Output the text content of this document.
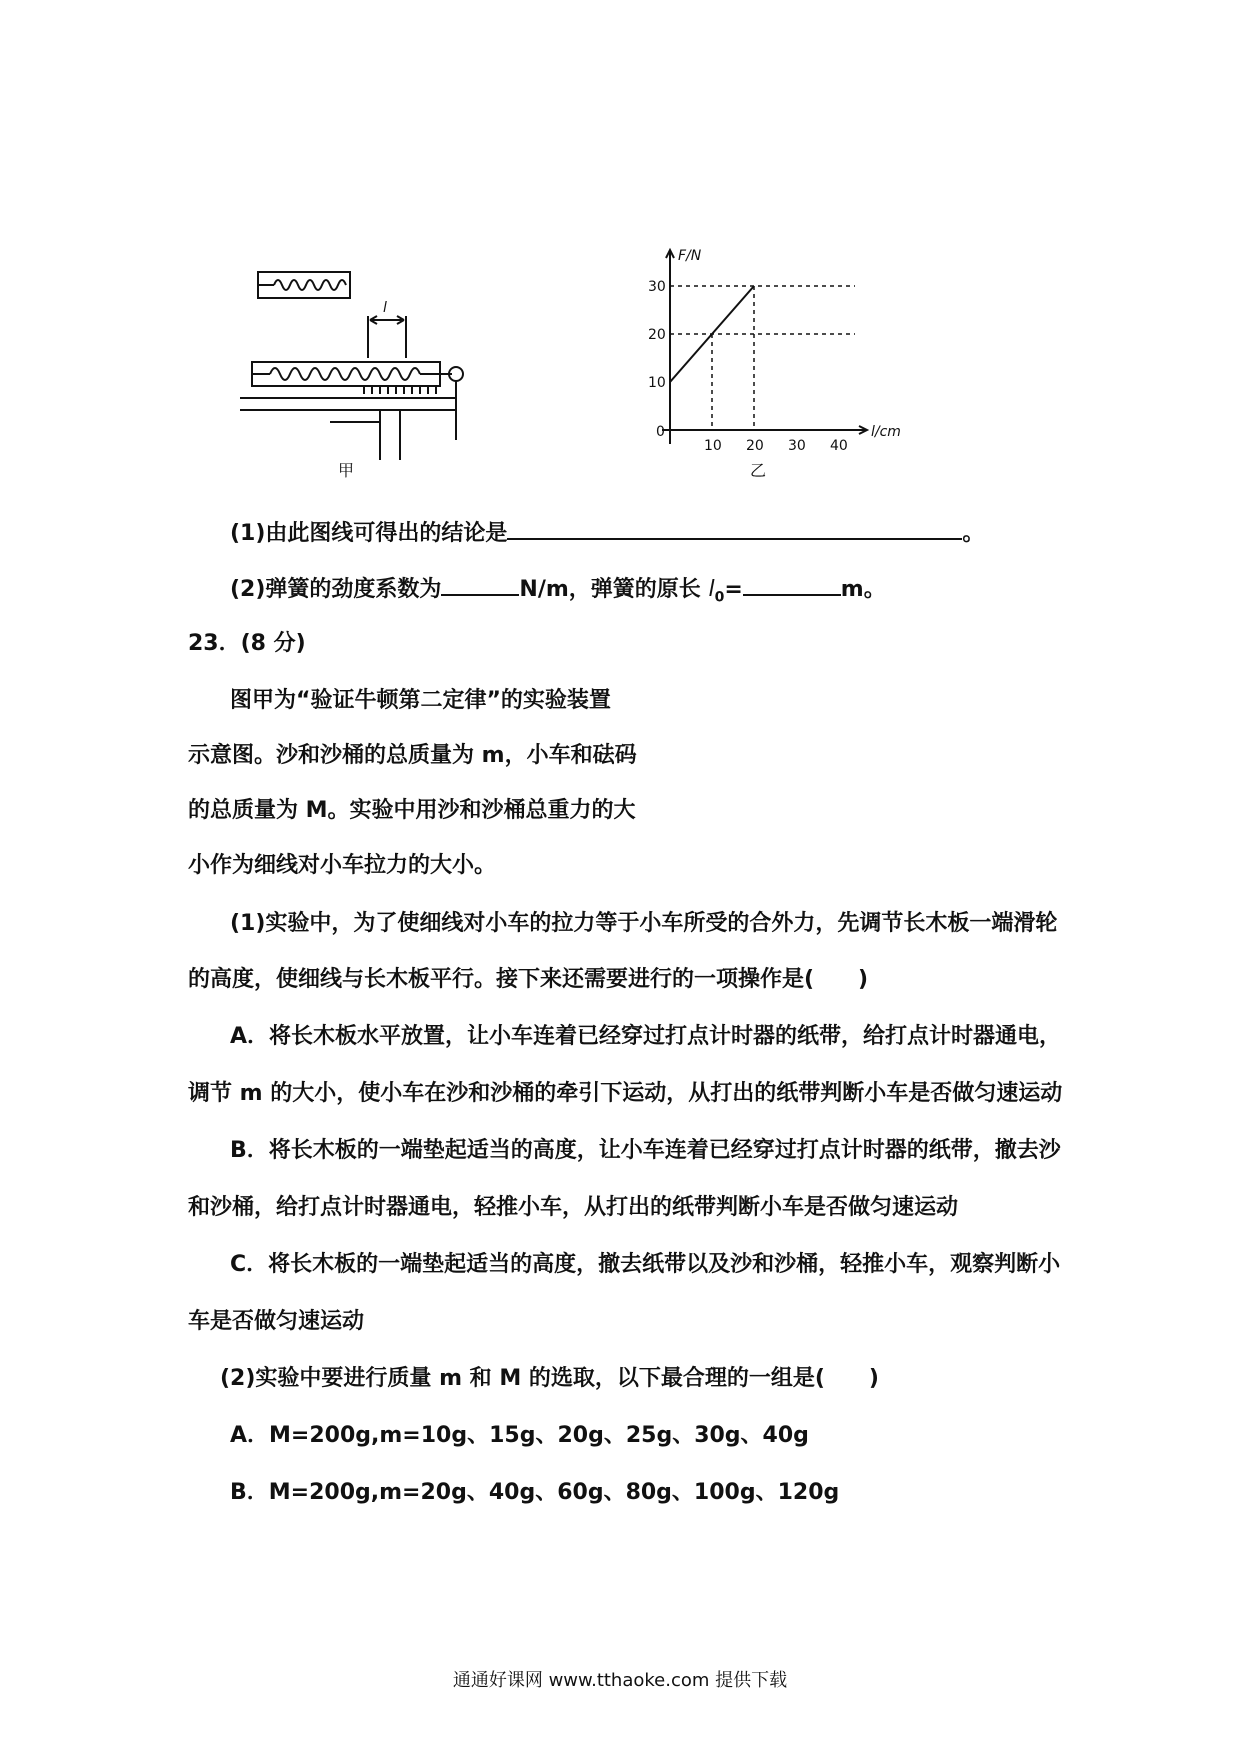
l
甲
10
20
30
10 20 30 40
F/N
l/cm
0
乙
(1)由此图线可得出的结论是	。
(2)弹簧的劲度系数为	N/m，弹簧的原长 $l_0=$	m。
23．(8 分)
图甲为“验证牛顿第二定律”的实验装置
示意图。沙和沙桶的总质量为 m，小车和砝码
的总质量为 M。实验中用沙和沙桶总重力的大
小作为细线对小车拉力的大小。
(1)实验中，为了使细线对小车的拉力等于小车所受的合外力，先调节长木板一端滑轮
的高度，使细线与长木板平行。接下来还需要进行的一项操作是(　　)
A．将长木板水平放置，让小车连着已经穿过打点计时器的纸带，给打点计时器通电，
调节 m 的大小，使小车在沙和沙桶的牵引下运动，从打出的纸带判断小车是否做匀速运动
B．将长木板的一端垫起适当的高度，让小车连着已经穿过打点计时器的纸带，撤去沙
和沙桶，给打点计时器通电，轻推小车，从打出的纸带判断小车是否做匀速运动
C．将长木板的一端垫起适当的高度，撤去纸带以及沙和沙桶，轻推小车，观察判断小
车是否做匀速运动
(2)实验中要进行质量 m 和 M 的选取，以下最合理的一组是(　　)
A．M=200g,m=10g、15g、20g、25g、30g、40g
B．M=200g,m=20g、40g、60g、80g、100g、120g
通通好课网 www.tthaoke.com 提供下载
